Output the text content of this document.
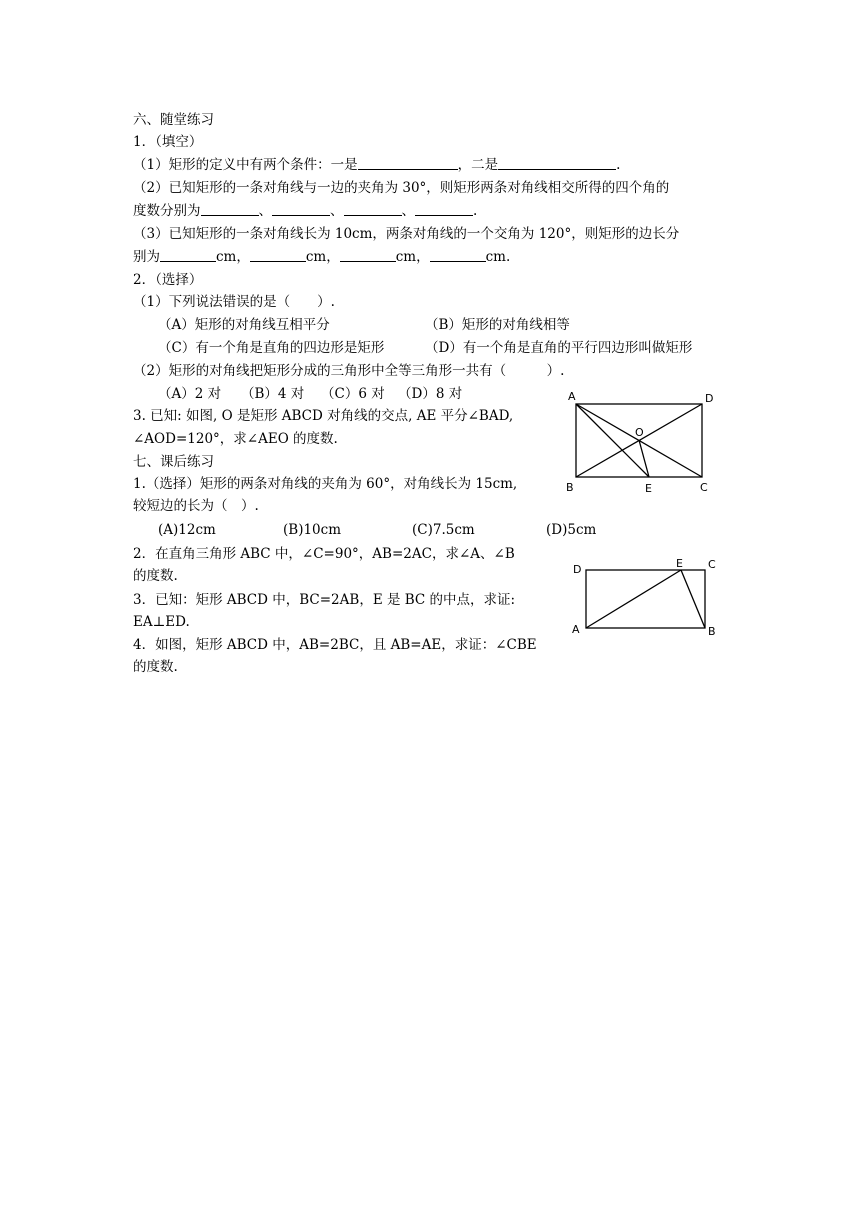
六、随堂练习
1．（填空）
（1）矩形的定义中有两个条件：一是	，二是	.
（2）已知矩形的一条对角线与一边的夹角为 30°，则矩形两条对角线相交所得的四个角的
度数分别为	、	、	、	.
（3）已知矩形的一条对角线长为 10cm，两条对角线的一个交角为 120°，则矩形的边长分
别为	cm，	cm，	cm，	cm.
2．（选择）
（1）下列说法错误的是（　　）.
（A）矩形的对角线互相平分	（B）矩形的对角线相等
（C）有一个角是直角的四边形是矩形	（D）有一个角是直角的平行四边形叫做矩形
（2）矩形的对角线把矩形分成的三角形中全等三角形一共有（　　　）.
（A）2 对 （B）4 对 （C）6 对 （D）8 对
3. 已知: 如图, O 是矩形 ABCD 对角线的交点, AE 平分∠BAD,
∠AOD=120°，求∠AEO 的度数.
A	D
O
B	E	C
七、课后练习
1.（选择）矩形的两条对角线的夹角为 60°，对角线长为 15cm,
较短边的长为（　）.
(A)12cm	(B)10cm	(C)7.5cm	(D)5cm
2．在直角三角形 ABC 中，∠C=90°，AB=2AC，求∠A、∠B
的度数.
3．已知：矩形 ABCD 中，BC=2AB，E 是 BC 的中点，求证:
EA⊥ED.
4．如图，矩形 ABCD 中，AB=2BC，且 AB=AE，求证：∠CBE
的度数.
D	E C
A	B
